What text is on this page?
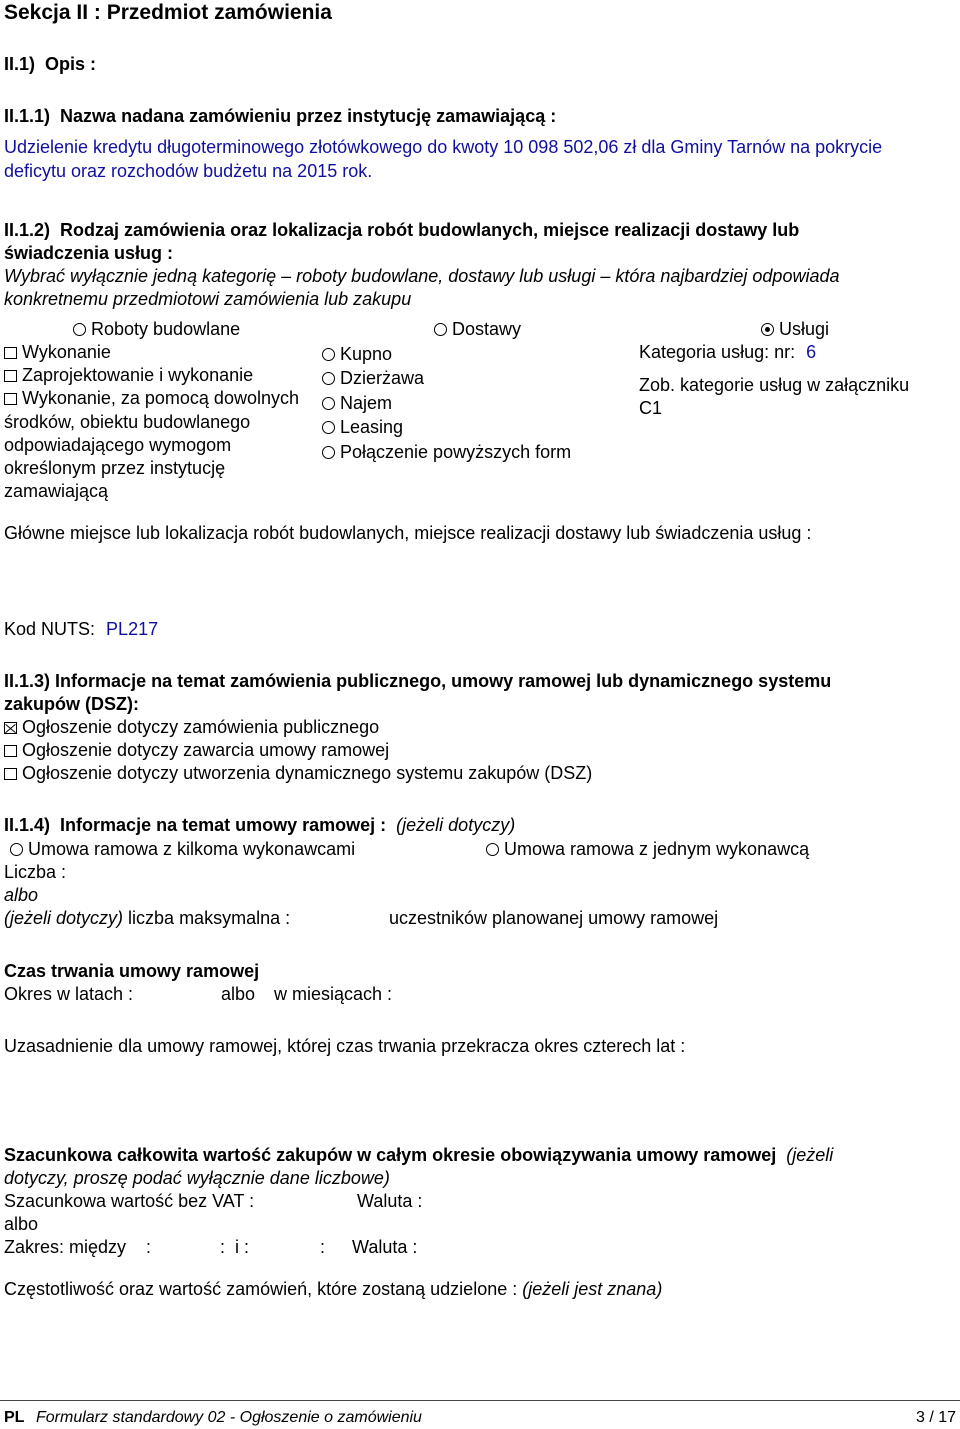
Sekcja II : Przedmiot zamówienia
II.1) Opis :
II.1.1) Nazwa nadana zamówieniu przez instytucję zamawiającą :
Udzielenie kredytu długoterminowego złotówkowego do kwoty 10 098 502,06 zł dla Gminy Tarnów na pokrycie
deficytu oraz rozchodów budżetu na 2015 rok.
II.1.2) Rodzaj zamówienia oraz lokalizacja robót budowlanych, miejsce realizacji dostawy lub
świadczenia usług :
Wybrać wyłącznie jedną kategorię – roboty budowlane, dostawy lub usługi – która najbardziej odpowiada
konkretnemu przedmiotowi zamówienia lub zakupu
Roboty budowlane	Dostawy	Usługi
Wykonanie
Zaprojektowanie i wykonanie
Wykonanie, za pomocą dowolnych
środków, obiektu budowlanego
odpowiadającego wymogom
określonym przez instytucję
zamawiającą
Kupno
Dzierżawa
Najem
Leasing
Połączenie powyższych form
Kategoria usług: nr: 6
Zob. kategorie usług w załączniku
C1
Główne miejsce lub lokalizacja robót budowlanych, miejsce realizacji dostawy lub świadczenia usług :
Kod NUTS: PL217
II.1.3) Informacje na temat zamówienia publicznego, umowy ramowej lub dynamicznego systemu
zakupów (DSZ):
Ogłoszenie dotyczy zamówienia publicznego
Ogłoszenie dotyczy zawarcia umowy ramowej
Ogłoszenie dotyczy utworzenia dynamicznego systemu zakupów (DSZ)
II.1.4) Informacje na temat umowy ramowej : (jeżeli dotyczy)
Umowa ramowa z kilkoma wykonawcami	Umowa ramowa z jednym wykonawcą
Liczba :
albo
(jeżeli dotyczy) liczba maksymalna :	uczestników planowanej umowy ramowej
Czas trwania umowy ramowej
Okres w latach :	albo w miesiącach :
Uzasadnienie dla umowy ramowej, której czas trwania przekracza okres czterech lat :
Szacunkowa całkowita wartość zakupów w całym okresie obowiązywania umowy ramowej (jeżeli
dotyczy, proszę podać wyłącznie dane liczbowe)
Szacunkowa wartość bez VAT :	Waluta :
albo
Zakres: między :	: i :	: Waluta :
Częstotliwość oraz wartość zamówień, które zostaną udzielone : (jeżeli jest znana)
PL Formularz standardowy 02 - Ogłoszenie o zamówieniu	3 / 17
